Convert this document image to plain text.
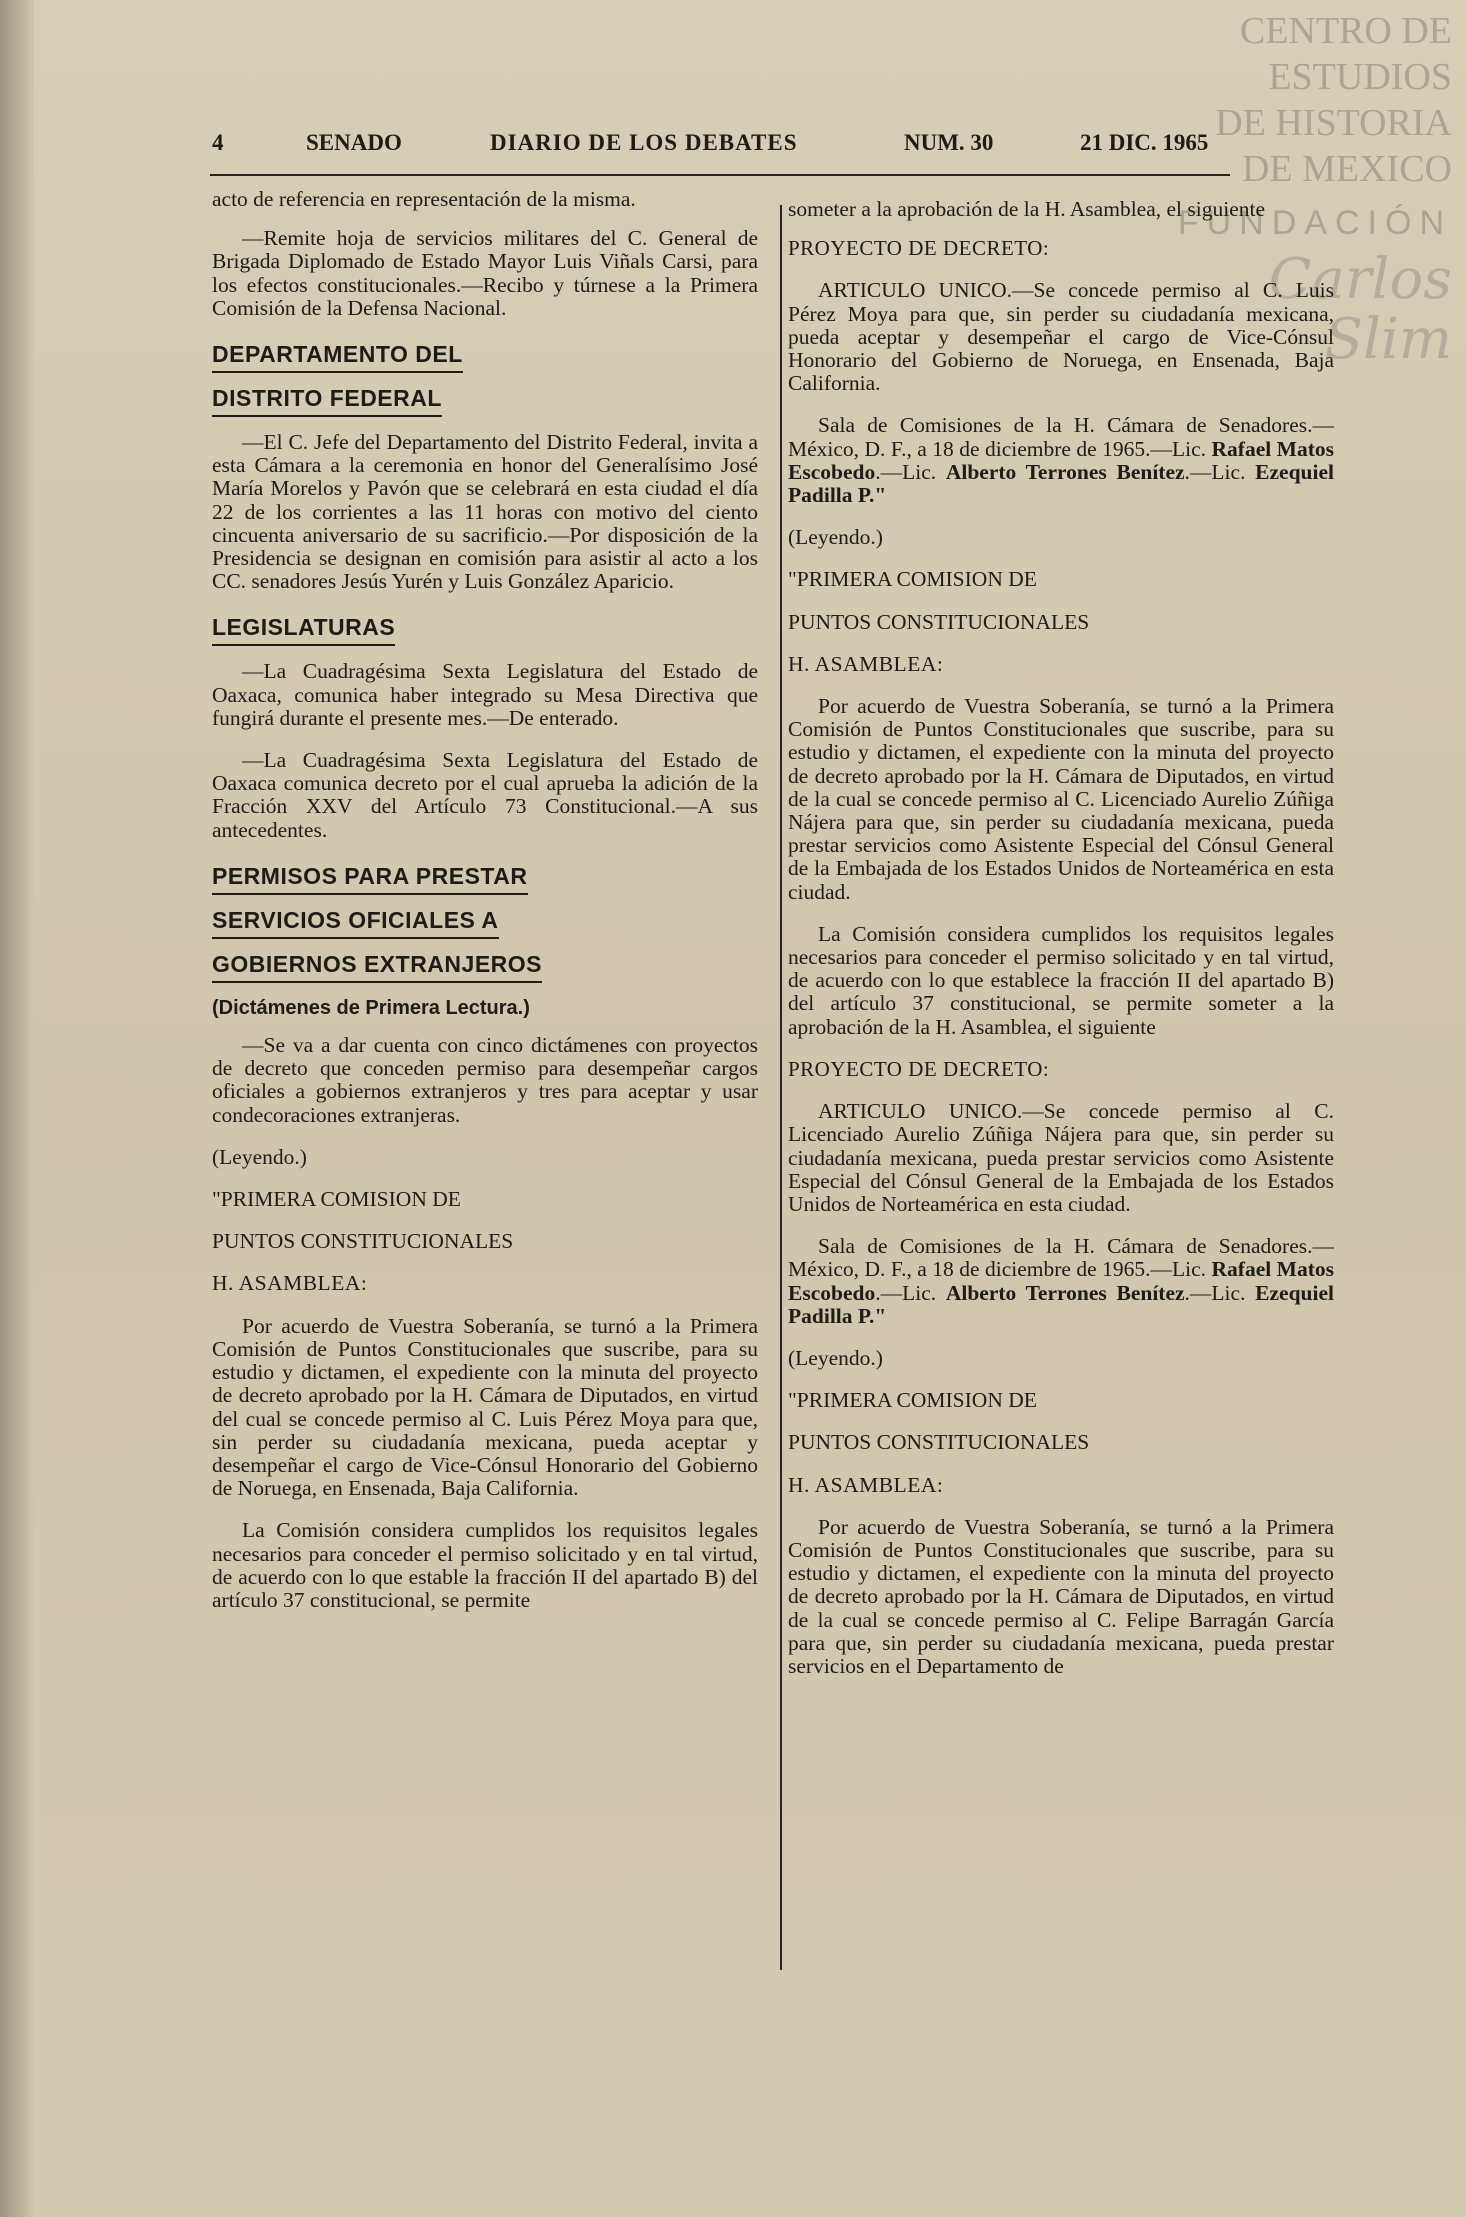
CENTRO DE
ESTUDIOS
DE HISTORIA
DE MEXICO
FUNDACIÓN
Carlos Slim
4	SENADO	DIARIO DE LOS DEBATES	NUM. 30	21 DIC. 1965

acto de referencia en representación de la misma.

—Remite hoja de servicios militares del C. General de Brigada Diplomado de Estado Mayor Luis Viñals Carsi, para los efectos constitucionales.—Recibo y túrnese a la Primera Comisión de la Defensa Nacional.

DEPARTAMENTO DEL
DISTRITO FEDERAL

—El C. Jefe del Departamento del Distrito Federal, invita a esta Cámara a la ceremonia en honor del Generalísimo José María Morelos y Pavón que se celebrará en esta ciudad el día 22 de los corrientes a las 11 horas con motivo del ciento cincuenta aniversario de su sacrificio.—Por disposición de la Presidencia se designan en comisión para asistir al acto a los CC. senadores Jesús Yurén y Luis González Aparicio.

LEGISLATURAS

—La Cuadragésima Sexta Legislatura del Estado de Oaxaca, comunica haber integrado su Mesa Directiva que fungirá durante el presente mes.—De enterado.

—La Cuadragésima Sexta Legislatura del Estado de Oaxaca comunica decreto por el cual aprueba la adición de la Fracción XXV del Artículo 73 Constitucional.—A sus antecedentes.

PERMISOS PARA PRESTAR
SERVICIOS OFICIALES A
GOBIERNOS EXTRANJEROS
(Dictámenes de Primera Lectura.)

—Se va a dar cuenta con cinco dictámenes con proyectos de decreto que conceden permiso para desempeñar cargos oficiales a gobiernos extranjeros y tres para aceptar y usar condecoraciones extranjeras.

(Leyendo.)

"PRIMERA COMISION DE

PUNTOS CONSTITUCIONALES

H. ASAMBLEA:

Por acuerdo de Vuestra Soberanía, se turnó a la Primera Comisión de Puntos Constitucionales que suscribe, para su estudio y dictamen, el expediente con la minuta del proyecto de decreto aprobado por la H. Cámara de Diputados, en virtud del cual se concede permiso al C. Luis Pérez Moya para que, sin perder su ciudadanía mexicana, pueda aceptar y desempeñar el cargo de Vice-Cónsul Honorario del Gobierno de Noruega, en Ensenada, Baja California.

La Comisión considera cumplidos los requisitos legales necesarios para conceder el permiso solicitado y en tal virtud, de acuerdo con lo que estable la fracción II del apartado B) del artículo 37 constitucional, se permite

someter a la aprobación de la H. Asamblea, el siguiente

PROYECTO DE DECRETO:

ARTICULO UNICO.—Se concede permiso al C. Luis Pérez Moya para que, sin perder su ciudadanía mexicana, pueda aceptar y desempeñar el cargo de Vice-Cónsul Honorario del Gobierno de Noruega, en Ensenada, Baja California.

Sala de Comisiones de la H. Cámara de Senadores.—México, D. F., a 18 de diciembre de 1965.—Lic. Rafael Matos Escobedo.—Lic. Alberto Terrones Benítez.—Lic. Ezequiel Padilla P."

(Leyendo.)

"PRIMERA COMISION DE

PUNTOS CONSTITUCIONALES

H. ASAMBLEA:

Por acuerdo de Vuestra Soberanía, se turnó a la Primera Comisión de Puntos Constitucionales que suscribe, para su estudio y dictamen, el expediente con la minuta del proyecto de decreto aprobado por la H. Cámara de Diputados, en virtud de la cual se concede permiso al C. Licenciado Aurelio Zúñiga Nájera para que, sin perder su ciudadanía mexicana, pueda prestar servicios como Asistente Especial del Cónsul General de la Embajada de los Estados Unidos de Norteamérica en esta ciudad.

La Comisión considera cumplidos los requisitos legales necesarios para conceder el permiso solicitado y en tal virtud, de acuerdo con lo que establece la fracción II del apartado B) del artículo 37 constitucional, se permite someter a la aprobación de la H. Asamblea, el siguiente

PROYECTO DE DECRETO:

ARTICULO UNICO.—Se concede permiso al C. Licenciado Aurelio Zúñiga Nájera para que, sin perder su ciudadanía mexicana, pueda prestar servicios como Asistente Especial del Cónsul General de la Embajada de los Estados Unidos de Norteamérica en esta ciudad.

Sala de Comisiones de la H. Cámara de Senadores.—México, D. F., a 18 de diciembre de 1965.—Lic. Rafael Matos Escobedo.—Lic. Alberto Terrones Benítez.—Lic. Ezequiel Padilla P."

(Leyendo.)

"PRIMERA COMISION DE

PUNTOS CONSTITUCIONALES

H. ASAMBLEA:

Por acuerdo de Vuestra Soberanía, se turnó a la Primera Comisión de Puntos Constitucionales que suscribe, para su estudio y dictamen, el expediente con la minuta del proyecto de decreto aprobado por la H. Cámara de Diputados, en virtud de la cual se concede permiso al C. Felipe Barragán García para que, sin perder su ciudadanía mexicana, pueda prestar servicios en el Departamento de
